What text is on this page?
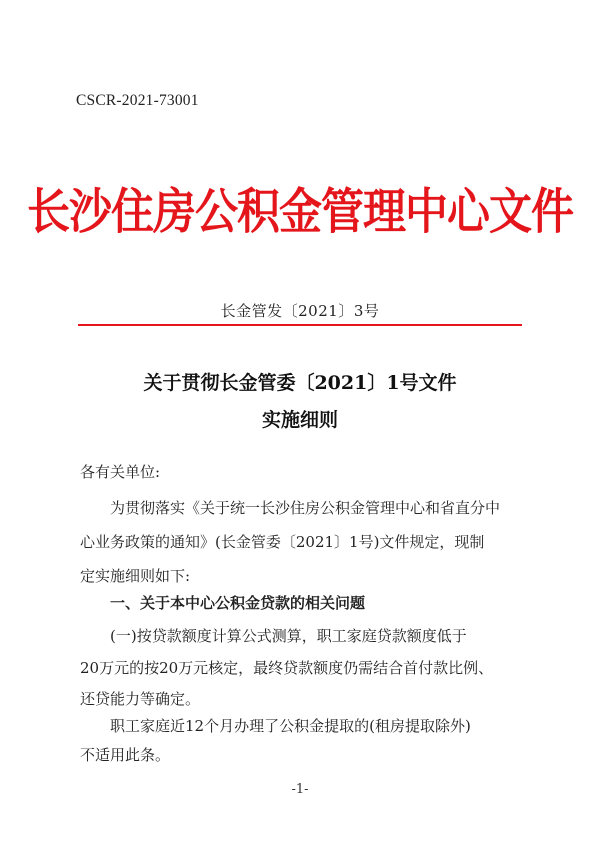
CSCR-2021-73001
长沙住房公积金管理中心文件
长金管发〔2021〕3号
关于贯彻长金管委〔2021〕1号文件
实施细则
各有关单位:
为贯彻落实《关于统一长沙住房公积金管理中心和省直分中
心业务政策的通知》(长金管委〔2021〕1号)文件规定，现制
定实施细则如下:
一、关于本中心公积金贷款的相关问题
(一)按贷款额度计算公式测算，职工家庭贷款额度低于
20万元的按20万元核定，最终贷款额度仍需结合首付款比例、
还贷能力等确定。
职工家庭近12个月办理了公积金提取的(租房提取除外)
不适用此条。
-1-
